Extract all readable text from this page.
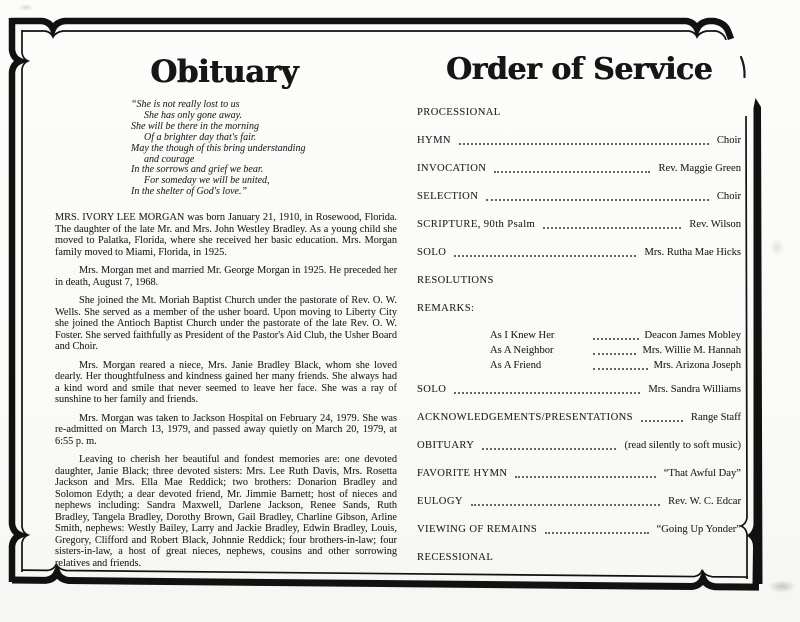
Obituary
“She is not really lost to us
She has only gone away.
She will be there in the morning
Of a brighter day that's fair.
May the though of this bring understanding
and courage
In the sorrows and grief we bear.
For someday we will be united,
In the shelter of God's love.”

MRS. IVORY LEE MORGAN was born January 21, 1910, in Rosewood, Florida. The daughter of the late Mr. and Mrs. John Westley Bradley. As a young child she moved to Palatka, Florida, where she received her basic education. Mrs. Morgan family moved to Miami, Florida, in 1925.

Mrs. Morgan met and married Mr. George Morgan in 1925. He preceded her in death, August 7, 1968.

She joined the Mt. Moriah Baptist Church under the pastorate of Rev. O. W. Wells. She served as a member of the usher board. Upon moving to Liberty City she joined the Antioch Baptist Church under the pastorate of the late Rev. O. W. Foster. She served faithfully as President of the Pastor's Aid Club, the Usher Board and Choir.

Mrs. Morgan reared a niece, Mrs. Janie Bradley Black, whom she loved dearly. Her thoughtfulness and kindness gained her many friends. She always had a kind word and smile that never seemed to leave her face. She was a ray of sunshine to her family and friends.

Mrs. Morgan was taken to Jackson Hospital on February 24, 1979. She was re-admitted on March 13, 1979, and passed away quietly on March 20, 1979, at 6:55 p. m.

Leaving to cherish her beautiful and fondest memories are: one devoted daughter, Janie Black; three devoted sisters: Mrs. Lee Ruth Davis, Mrs. Rosetta Jackson and Mrs. Ella Mae Reddick; two brothers: Donarion Bradley and Solomon Edyth; a dear devoted friend, Mr. Jimmie Barnett; host of nieces and nephews including: Sandra Maxwell, Darlene Jackson, Renee Sands, Ruth Bradley, Tangela Bradley, Dorothy Brown, Gail Bradley, Charline Gibson, Arline Smith, nephews: Westly Bailey, Larry and Jackie Bradley, Edwin Bradley, Louis, Gregory, Clifford and Robert Black, Johnnie Reddick; four brothers-in-law; four sisters-in-law, a host of great nieces, nephews, cousins and other sorrowing relatives and friends.

Order of Service
PROCESSIONAL
HYMN	Choir
INVOCATION	Rev. Maggie Green
SELECTION	Choir
SCRIPTURE, 90th Psalm	Rev. Wilson
SOLO	Mrs. Rutha Mae Hicks
RESOLUTIONS
REMARKS:
As I Knew Her	Deacon James Mobley
As A Neighbor	Mrs. Willie M. Hannah
As A Friend	Mrs. Arizona Joseph
SOLO	Mrs. Sandra Williams
ACKNOWLEDGEMENTS/PRESENTATIONS	Range Staff
OBITUARY	(read silently to soft music)
FAVORITE HYMN	“That Awful Day”
EULOGY	Rev. W. C. Edcar
VIEWING OF REMAINS	“Going Up Yonder”
RECESSIONAL
